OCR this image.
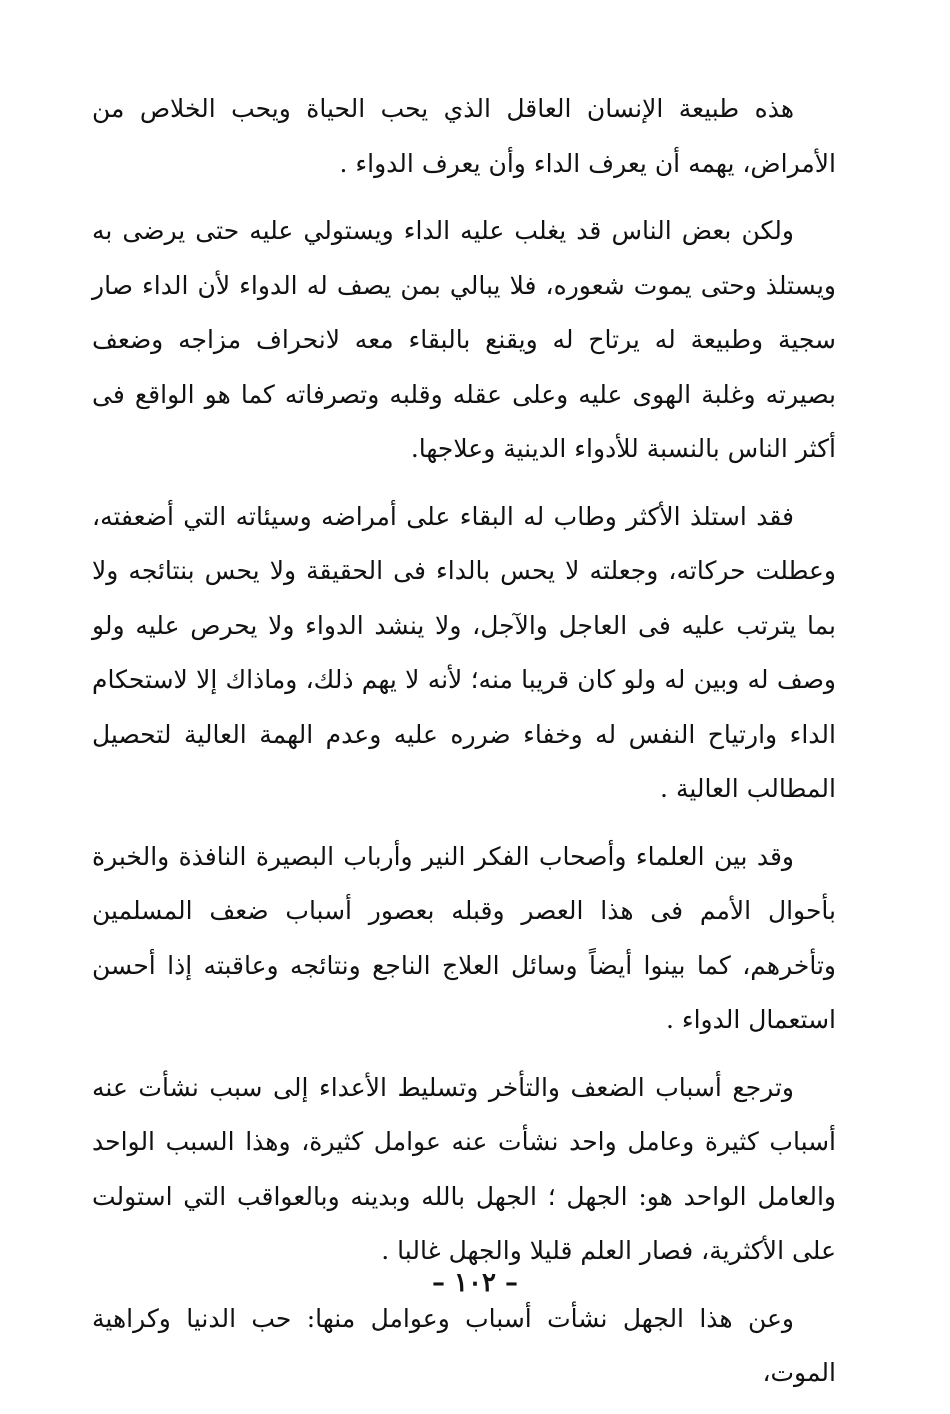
هذه طبيعة الإنسان العاقل الذي يحب الحياة ويحب الخلاص من الأمراض، يهمه أن يعرف الداء وأن يعرف الدواء .

ولكن بعض الناس قد يغلب عليه الداء ويستولي عليه حتى يرضى به ويستلذ وحتى يموت شعوره، فلا يبالي بمن يصف له الدواء لأن الداء صار سجية وطبيعة له يرتاح له ويقنع بالبقاء معه لانحراف مزاجه وضعف بصيرته وغلبة الهوى عليه وعلى عقله وقلبه وتصرفاته كما هو الواقع فى أكثر الناس بالنسبة للأدواء الدينية وعلاجها.

فقد استلذ الأكثر وطاب له البقاء على أمراضه وسيئاته التي أضعفته، وعطلت حركاته، وجعلته لا يحس بالداء فى الحقيقة ولا يحس بنتائجه ولا بما يترتب عليه فى العاجل والآجل، ولا ينشد الدواء ولا يحرص عليه ولو وصف له وبين له ولو كان قريبا منه؛ لأنه لا يهم ذلك، وماذاك إلا لاستحكام الداء وارتياح النفس له وخفاء ضرره عليه وعدم الهمة العالية لتحصيل المطالب العالية .

وقد بين العلماء وأصحاب الفكر النير وأرباب البصيرة النافذة والخبرة بأحوال الأمم فى هذا العصر وقبله بعصور أسباب ضعف المسلمين وتأخرهم، كما بينوا أيضاً وسائل العلاج الناجع ونتائجه وعاقبته إذا أحسن استعمال الدواء .

وترجع أسباب الضعف والتأخر وتسليط الأعداء إلى سبب نشأت عنه أسباب كثيرة وعامل واحد نشأت عنه عوامل كثيرة، وهذا السبب الواحد والعامل الواحد هو: الجهل ؛ الجهل بالله وبدينه وبالعواقب التي استولت على الأكثرية، فصار العلم قليلا والجهل غالبا .

وعن هذا الجهل نشأت أسباب وعوامل منها: حب الدنيا وكراهية الموت،

– ١٠٢ –
